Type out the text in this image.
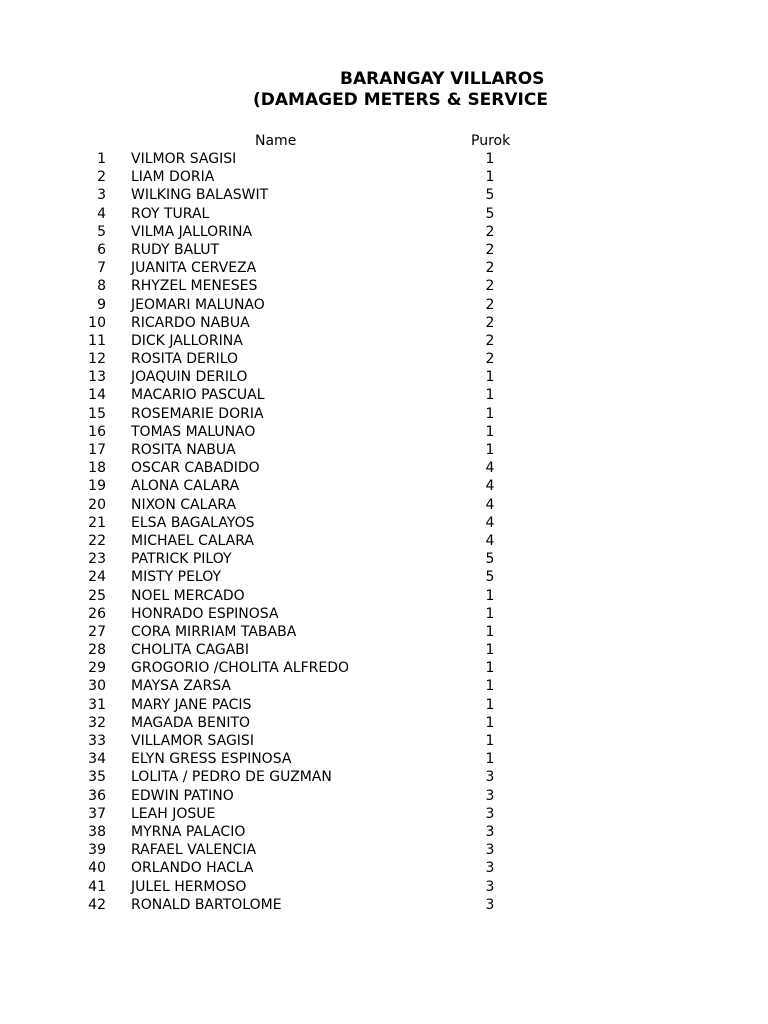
BARANGAY VILLAROS
(DAMAGED METERS & SERVICE
Name	Purok
1 VILMOR SAGISI	1
2 LIAM DORIA	1
3 WILKING BALASWIT	5
4 ROY TURAL	5
5 VILMA JALLORINA	2
6 RUDY BALUT	2
7 JUANITA CERVEZA	2
8 RHYZEL MENESES	2
9 JEOMARI MALUNAO	2
10 RICARDO NABUA	2
11 DICK JALLORINA	2
12 ROSITA DERILO	2
13 JOAQUIN DERILO	1
14 MACARIO PASCUAL	1
15 ROSEMARIE DORIA	1
16 TOMAS MALUNAO	1
17 ROSITA NABUA	1
18 OSCAR CABADIDO	4
19 ALONA CALARA	4
20 NIXON CALARA	4
21 ELSA BAGALAYOS	4
22 MICHAEL CALARA	4
23 PATRICK PILOY	5
24 MISTY PELOY	5
25 NOEL MERCADO	1
26 HONRADO ESPINOSA	1
27 CORA MIRRIAM TABABA	1
28 CHOLITA CAGABI	1
29 GROGORIO /CHOLITA ALFREDO	1
30 MAYSA ZARSA	1
31 MARY JANE PACIS	1
32 MAGADA BENITO	1
33 VILLAMOR SAGISI	1
34 ELYN GRESS ESPINOSA	1
35 LOLITA / PEDRO DE GUZMAN	3
36 EDWIN PATINO	3
37 LEAH JOSUE	3
38 MYRNA PALACIO	3
39 RAFAEL VALENCIA	3
40 ORLANDO HACLA	3
41 JULEL HERMOSO	3
42 RONALD BARTOLOME	3
